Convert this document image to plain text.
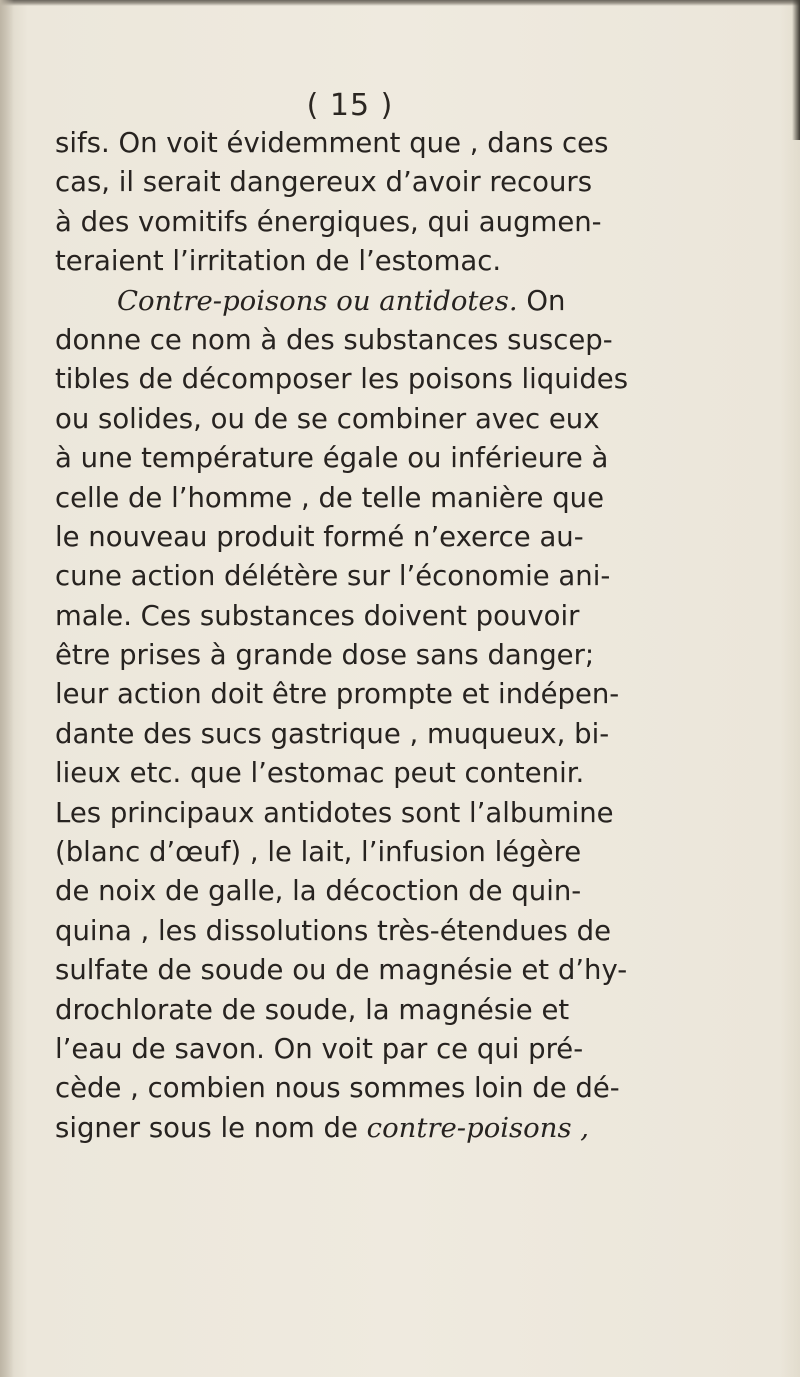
( 15 )
sifs. On voit évidemment que , dans ces
cas, il serait dangereux d’avoir recours
à des vomitifs énergiques, qui augmen-
teraient l’irritation de l’estomac.
Contre-poisons ou antidotes. On
donne ce nom à des substances suscep-
tibles de décomposer les poisons liquides
ou solides, ou de se combiner avec eux
à une température égale ou inférieure à
celle de l’homme , de telle manière que
le nouveau produit formé n’exerce au-
cune action délétère sur l’économie ani-
male. Ces substances doivent pouvoir
être prises à grande dose sans danger;
leur action doit être prompte et indépen-
dante des sucs gastrique , muqueux, bi-
lieux etc. que l’estomac peut contenir.
Les principaux antidotes sont l’albumine
(blanc d’œuf) , le lait, l’infusion légère
de noix de galle, la décoction de quin-
quina , les dissolutions très-étendues de
sulfate de soude ou de magnésie et d’hy-
drochlorate de soude, la magnésie et
l’eau de savon. On voit par ce qui pré-
cède , combien nous sommes loin de dé-
signer sous le nom de contre-poisons ,
